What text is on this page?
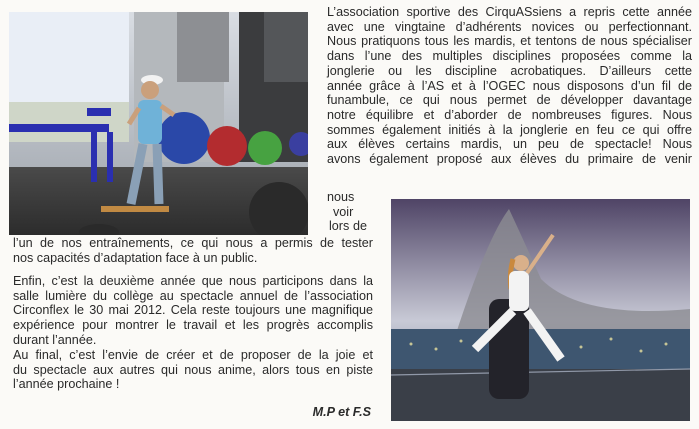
L’association sportive des CirquASsiens a repris cette année
avec une vingtaine d’adhérents novices ou perfectionnant.
Nous pratiquons tous les mardis, et tentons de nous spécialiser
dans l’une des multiples disciplines proposées comme la
jonglerie ou les discipline acrobatiques. D’ailleurs cette
année grâce à l’AS et à l’OGEC nous disposons d’un fil de
funambule, ce qui nous permet de développer davantage
notre équilibre et d’aborder de nombreuses figures. Nous
sommes également initiés à la jonglerie en feu ce qui offre
aux élèves certains mardis, un peu de spectacle! Nous
avons également proposé aux élèves du primaire de venir
nous
voir
lors de
l’un de nos entraînements, ce qui nous a permis de tester
nos capacités d’adaptation face à un public.
Enfin, c’est la deuxième année que nous participons dans la
salle lumière du collège au spectacle annuel de l’association
Circonflex le 30 mai 2012. Cela reste toujours une magnifique
expérience pour montrer le travail et les progrès accomplis
durant l’année.
Au final, c’est l’envie de créer et de proposer de la joie et
du spectacle aux autres qui nous anime, alors tous en piste
l’année prochaine !
M.P et F.S
